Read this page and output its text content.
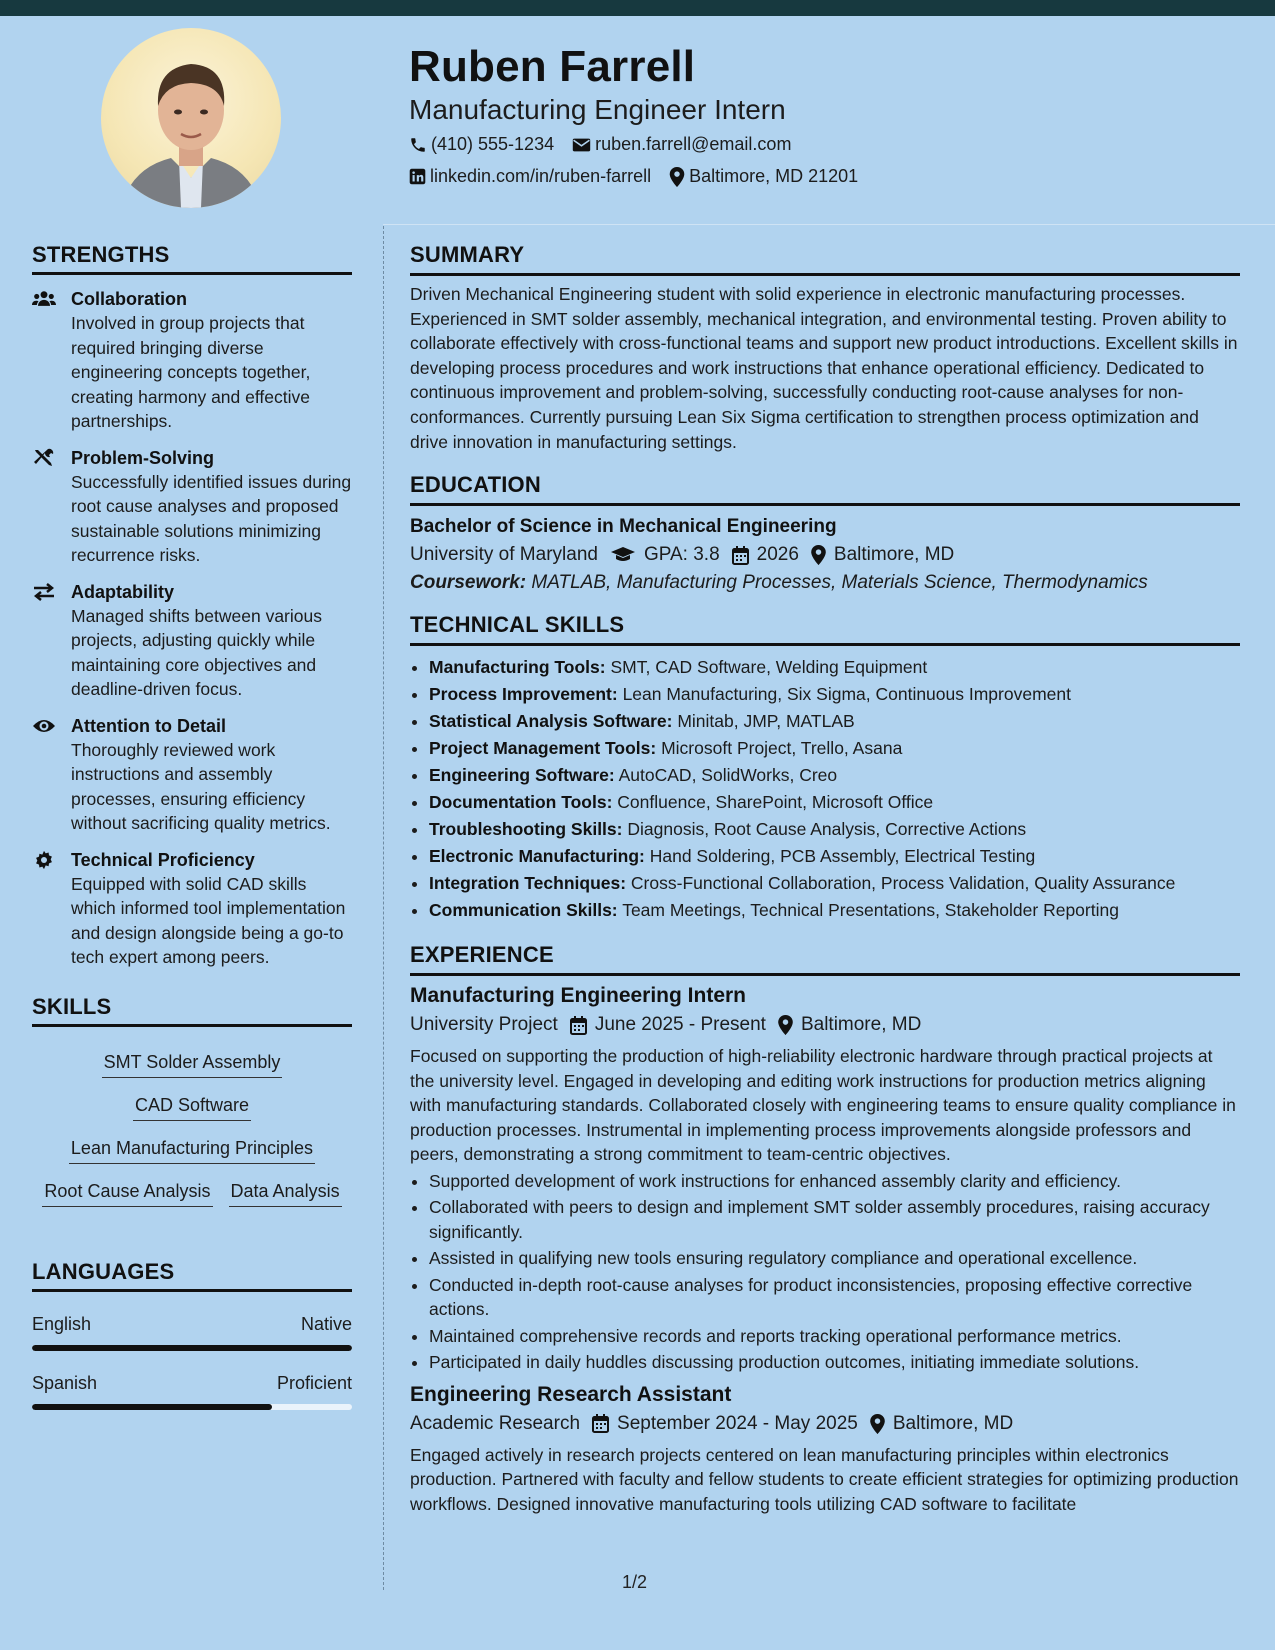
Ruben Farrell
Manufacturing Engineer Intern
(410) 555-1234 ruben.farrell@email.com
linkedin.com/in/ruben-farrell Baltimore, MD 21201
STRENGTHS
Collaboration
Involved in group projects that required bringing diverse engineering concepts together, creating harmony and effective partnerships.
Problem-Solving
Successfully identified issues during root cause analyses and proposed sustainable solutions minimizing recurrence risks.
Adaptability
Managed shifts between various projects, adjusting quickly while maintaining core objectives and deadline-driven focus.
Attention to Detail
Thoroughly reviewed work instructions and assembly processes, ensuring efficiency without sacrificing quality metrics.
Technical Proficiency
Equipped with solid CAD skills which informed tool implementation and design alongside being a go-to tech expert among peers.
SKILLS
SMT Solder Assembly
CAD Software
Lean Manufacturing Principles
Root Cause Analysis Data Analysis
LANGUAGES
English	Native
Spanish	Proficient
SUMMARY
Driven Mechanical Engineering student with solid experience in electronic manufacturing processes. Experienced in SMT solder assembly, mechanical integration, and environmental testing. Proven ability to collaborate effectively with cross-functional teams and support new product introductions. Excellent skills in developing process procedures and work instructions that enhance operational efficiency. Dedicated to continuous improvement and problem-solving, successfully conducting root-cause analyses for non-conformances. Currently pursuing Lean Six Sigma certification to strengthen process optimization and drive innovation in manufacturing settings.
EDUCATION
Bachelor of Science in Mechanical Engineering
University of Maryland GPA: 3.8 2026 Baltimore, MD
Coursework: MATLAB, Manufacturing Processes, Materials Science, Thermodynamics
TECHNICAL SKILLS
• Manufacturing Tools: SMT, CAD Software, Welding Equipment
• Process Improvement: Lean Manufacturing, Six Sigma, Continuous Improvement
• Statistical Analysis Software: Minitab, JMP, MATLAB
• Project Management Tools: Microsoft Project, Trello, Asana
• Engineering Software: AutoCAD, SolidWorks, Creo
• Documentation Tools: Confluence, SharePoint, Microsoft Office
• Troubleshooting Skills: Diagnosis, Root Cause Analysis, Corrective Actions
• Electronic Manufacturing: Hand Soldering, PCB Assembly, Electrical Testing
• Integration Techniques: Cross-Functional Collaboration, Process Validation, Quality Assurance
• Communication Skills: Team Meetings, Technical Presentations, Stakeholder Reporting
EXPERIENCE
Manufacturing Engineering Intern
University Project June 2025 - Present Baltimore, MD
Focused on supporting the production of high-reliability electronic hardware through practical projects at the university level. Engaged in developing and editing work instructions for production metrics aligning with manufacturing standards. Collaborated closely with engineering teams to ensure quality compliance in production processes. Instrumental in implementing process improvements alongside professors and peers, demonstrating a strong commitment to team-centric objectives.
• Supported development of work instructions for enhanced assembly clarity and efficiency.
• Collaborated with peers to design and implement SMT solder assembly procedures, raising accuracy significantly.
• Assisted in qualifying new tools ensuring regulatory compliance and operational excellence.
• Conducted in-depth root-cause analyses for product inconsistencies, proposing effective corrective actions.
• Maintained comprehensive records and reports tracking operational performance metrics.
• Participated in daily huddles discussing production outcomes, initiating immediate solutions.
Engineering Research Assistant
Academic Research September 2024 - May 2025 Baltimore, MD
Engaged actively in research projects centered on lean manufacturing principles within electronics production. Partnered with faculty and fellow students to create efficient strategies for optimizing production workflows. Designed innovative manufacturing tools utilizing CAD software to facilitate
1/2
